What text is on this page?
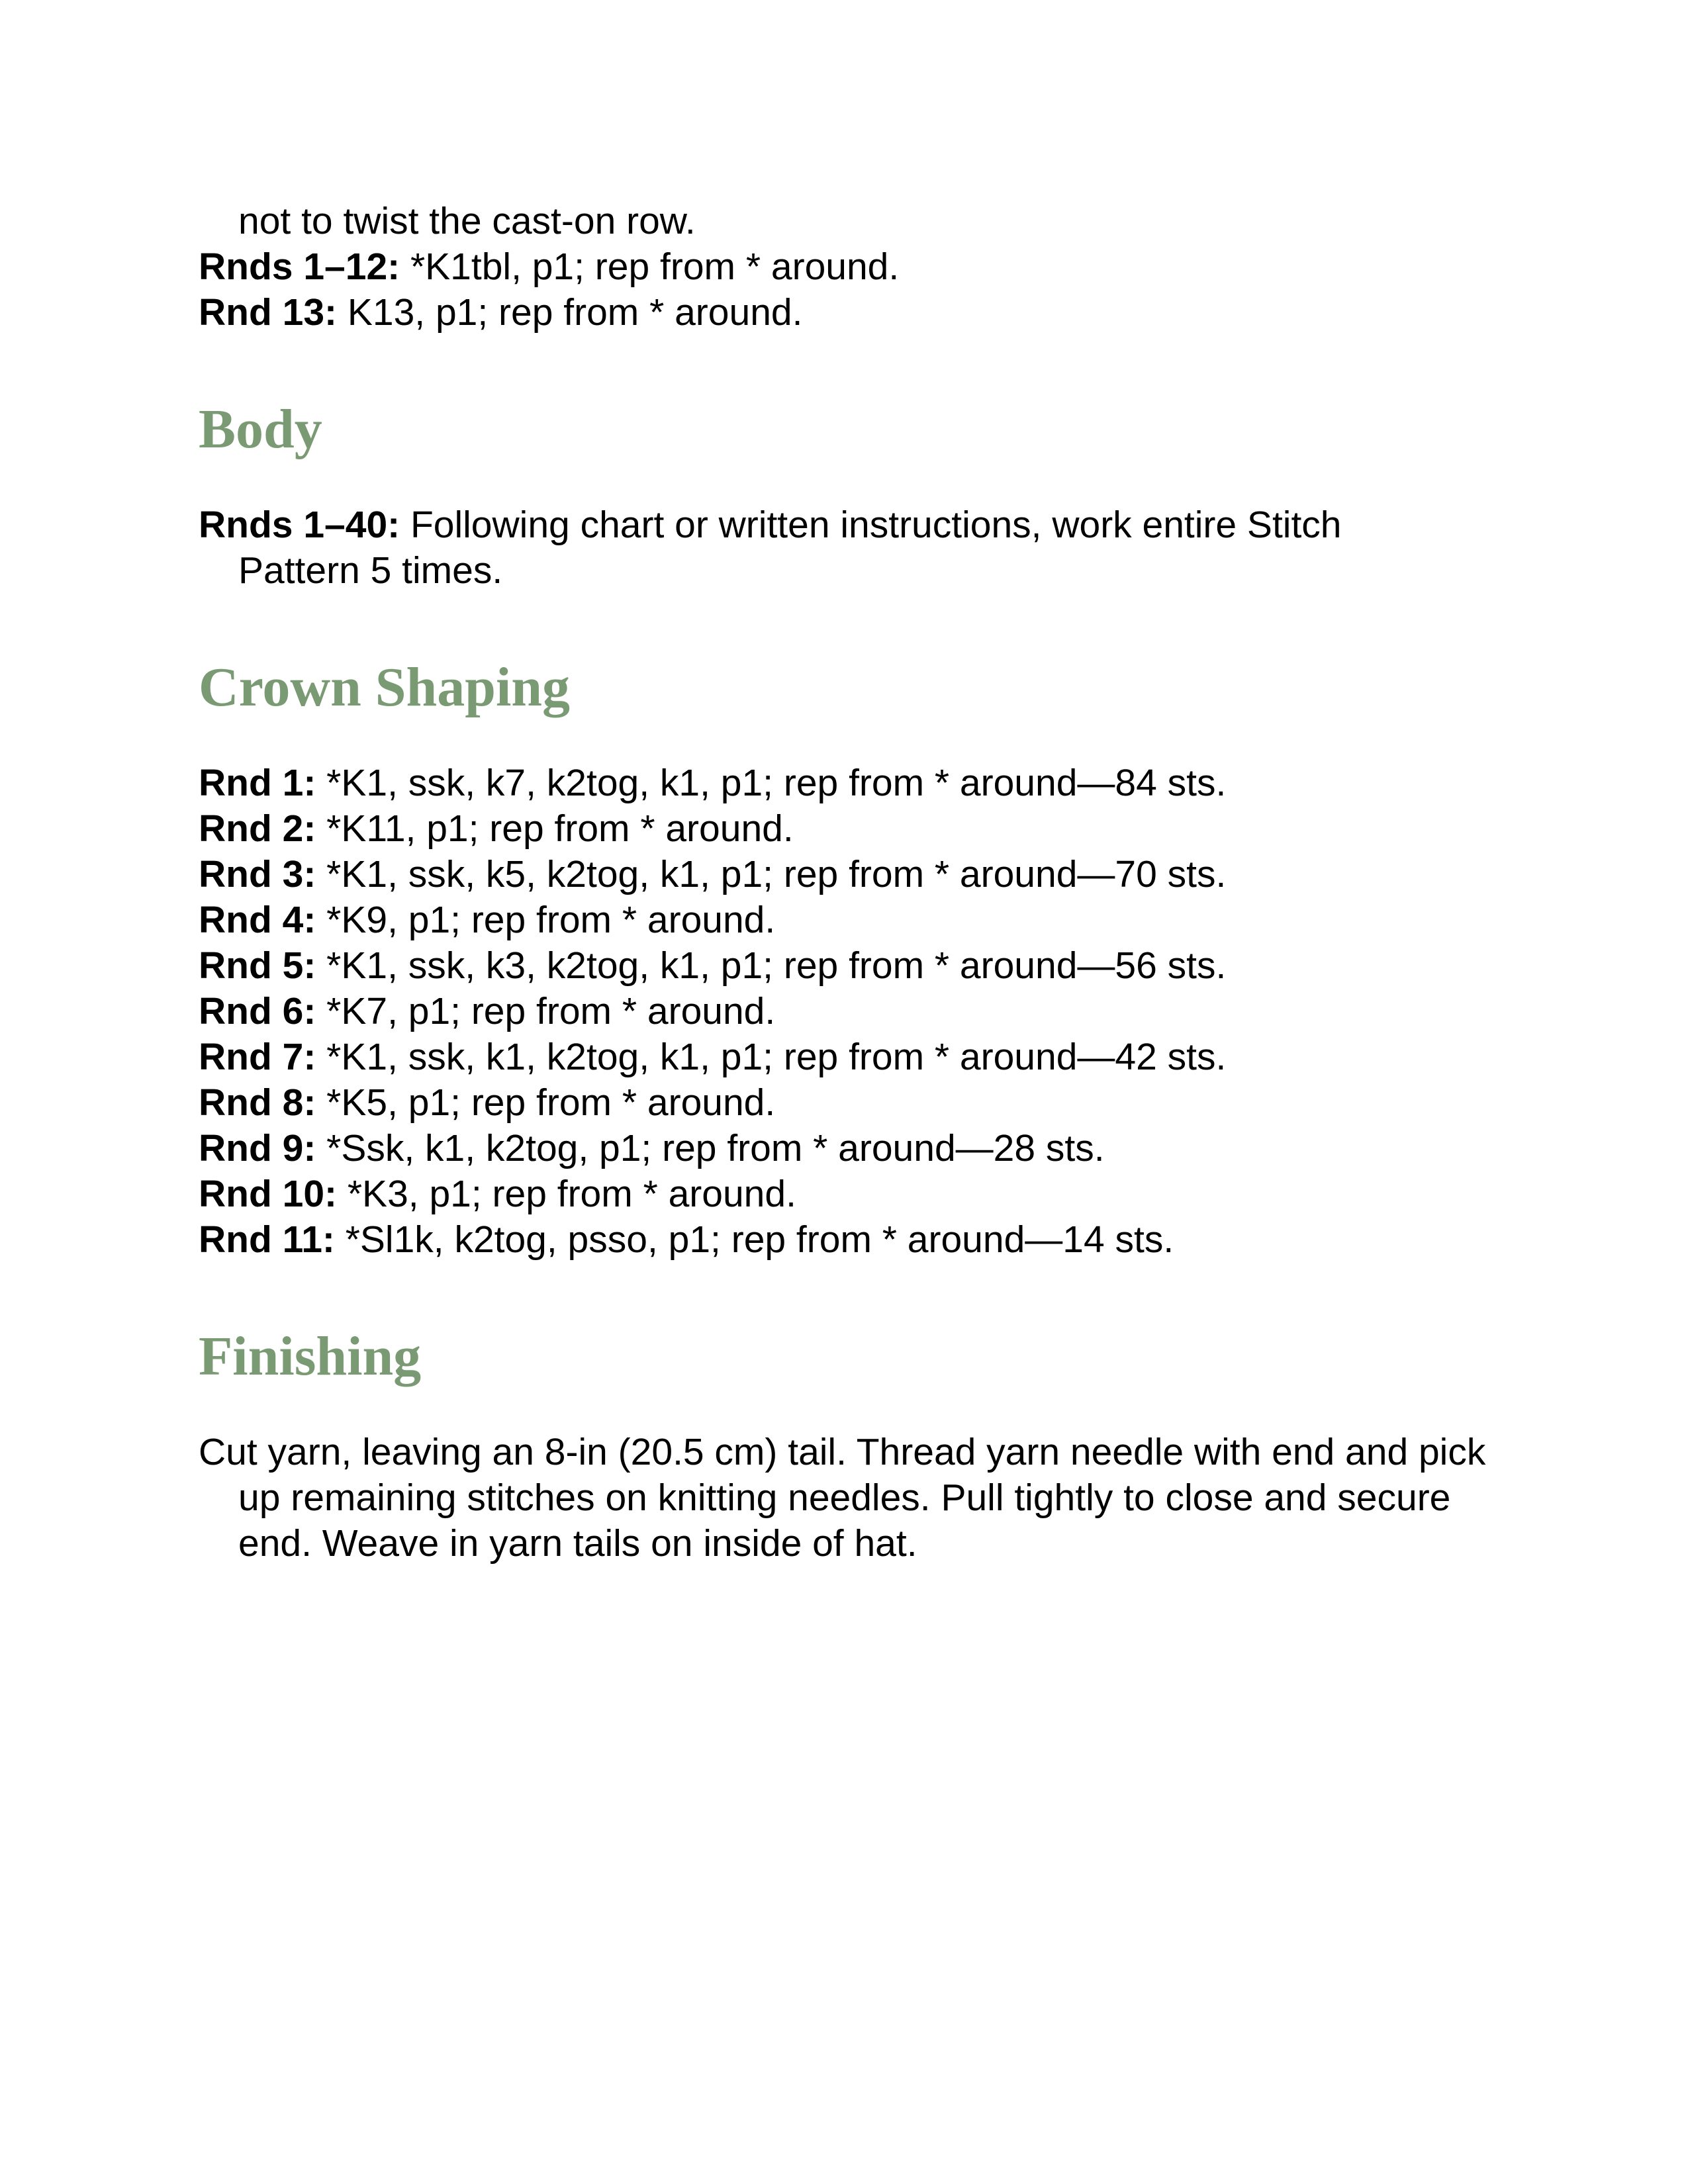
not to twist the cast-on row.

Rnds 1–12: *K1tbl, p1; rep from * around.

Rnd 13: K13, p1; rep from * around.

Body

Rnds 1–40: Following chart or written instructions, work entire Stitch Pattern 5 times.

Crown Shaping

Rnd 1: *K1, ssk, k7, k2tog, k1, p1; rep from * around—84 sts.

Rnd 2: *K11, p1; rep from * around.

Rnd 3: *K1, ssk, k5, k2tog, k1, p1; rep from * around—70 sts.

Rnd 4: *K9, p1; rep from * around.

Rnd 5: *K1, ssk, k3, k2tog, k1, p1; rep from * around—56 sts.

Rnd 6: *K7, p1; rep from * around.

Rnd 7: *K1, ssk, k1, k2tog, k1, p1; rep from * around—42 sts.

Rnd 8: *K5, p1; rep from * around.

Rnd 9: *Ssk, k1, k2tog, p1; rep from * around—28 sts.

Rnd 10: *K3, p1; rep from * around.

Rnd 11: *Sl1k, k2tog, psso, p1; rep from * around—14 sts.

Finishing

Cut yarn, leaving an 8-in (20.5 cm) tail. Thread yarn needle with end and pick up remaining stitches on knitting needles. Pull tightly to close and secure end. Weave in yarn tails on inside of hat.
